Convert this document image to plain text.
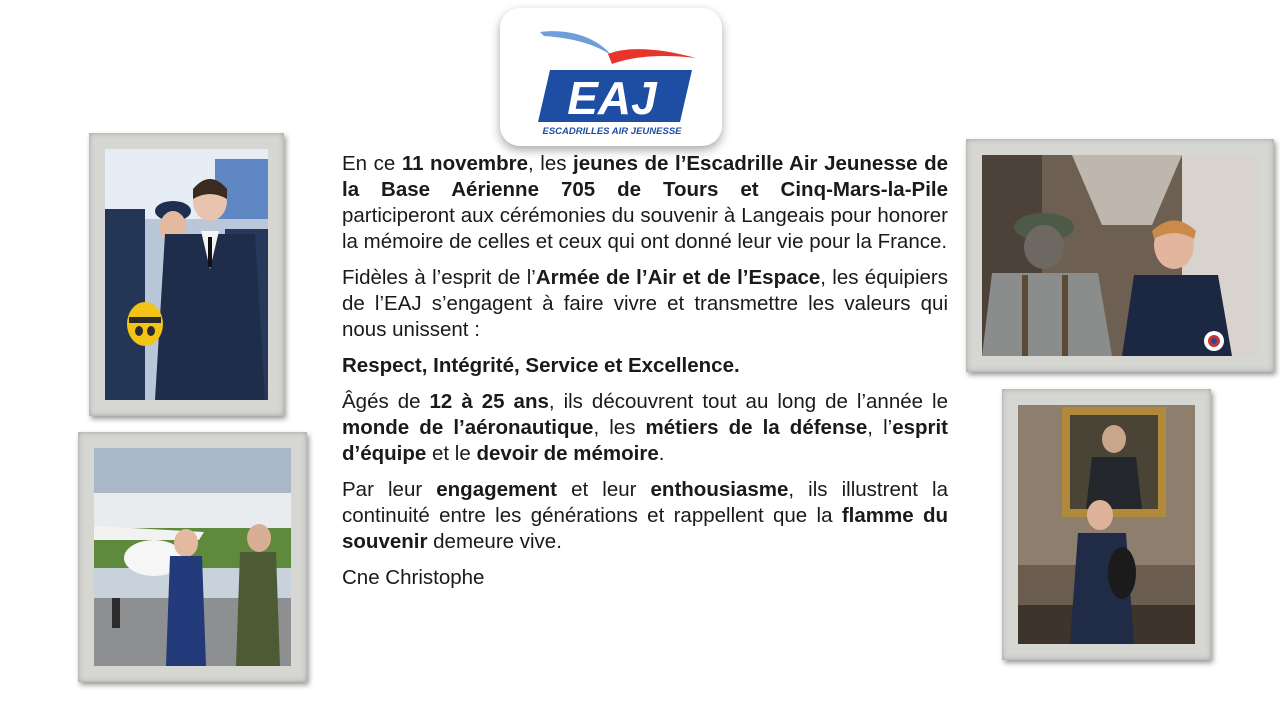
EAJ
ESCADRILLES AIR JEUNESSE

En ce 11 novembre, les jeunes de l’Escadrille Air Jeunesse de la Base Aérienne 705 de Tours et Cinq-Mars-la-Pile participeront aux cérémonies du souvenir à Langeais pour honorer la mémoire de celles et ceux qui ont donné leur vie pour la France.

Fidèles à l’esprit de l’Armée de l’Air et de l’Espace, les équipiers de l’EAJ s’engagent à faire vivre et transmettre les valeurs qui nous unissent :

Respect, Intégrité, Service et Excellence.

Âgés de 12 à 25 ans, ils découvrent tout au long de l’année le monde de l’aéronautique, les métiers de la défense, l’esprit d’équipe et le devoir de mémoire.

Par leur engagement et leur enthousiasme, ils illustrent la continuité entre les générations et rappellent que la flamme du souvenir demeure vive.

Cne Christophe
